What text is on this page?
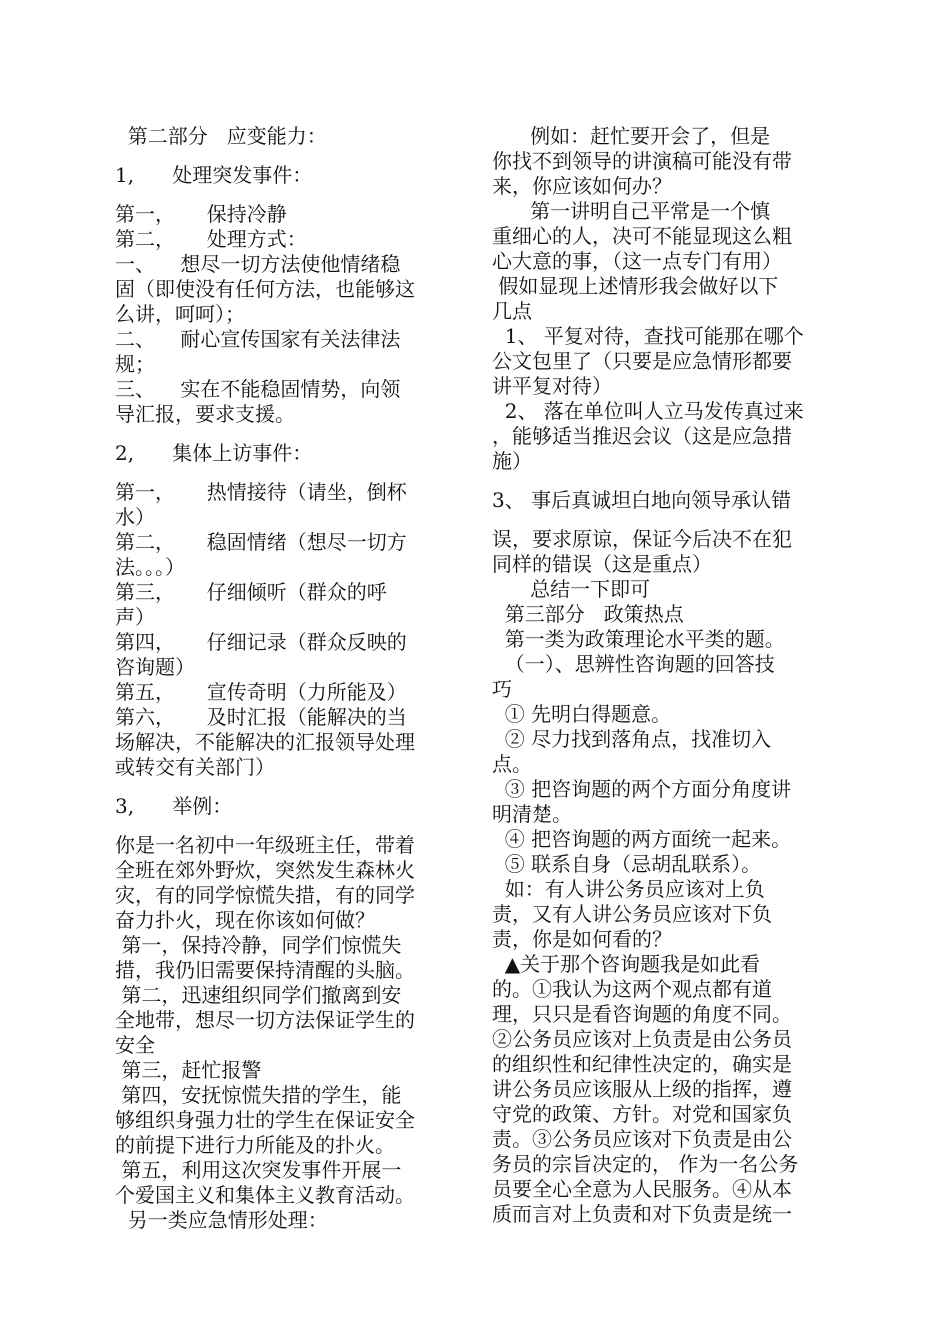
第二部分   应变能力：
1,      处理突发事件：
第一，     保持冷静
第二，     处理方式：
一、    想尽一切方法使他情绪稳
固（即使没有任何方法，也能够这
么讲，呵呵）；
二、    耐心宣传国家有关法律法
规；
三、    实在不能稳固情势，向领
导汇报，要求支援。
2,      集体上访事件：
第一，     热情接待（请坐，倒杯
水）
第二，     稳固情绪（想尽一切方
法。。。）
第三，     仔细倾听（群众的呼
声）
第四，     仔细记录（群众反映的
咨询题）
第五，     宣传奇明（力所能及）
第六，     及时汇报（能解决的当
场解决，不能解决的汇报领导处理
或转交有关部门）
3,      举例：
你是一名初中一年级班主任，带着
全班在郊外野炊，突然发生森林火
灾，有的同学惊慌失措，有的同学
奋力扑火，现在你该如何做？
第一，保持冷静，同学们惊慌失
措，我仍旧需要保持清醒的头脑。
第二，迅速组织同学们撤离到安
全地带，想尽一切方法保证学生的
安全
第三，赶忙报警
第四，安抚惊慌失措的学生，能
够组织身强力壮的学生在保证安全
的前提下进行力所能及的扑火。
第五，利用这次突发事件开展一
个爱国主义和集体主义教育活动。
另一类应急情形处理：
例如：赶忙要开会了，但是
你找不到领导的讲演稿可能没有带
来，你应该如何办？
第一讲明自己平常是一个慎
重细心的人，决可不能显现这么粗
心大意的事，（这一点专门有用）
假如显现上述情形我会做好以下
几点
1、 平复对待，查找可能那在哪个
公文包里了（只要是应急情形都要
讲平复对待）
2、 落在单位叫人立马发传真过来
，能够适当推迟会议（这是应急措
施）
3、 事后真诚坦白地向领导承认错
误，要求原谅，保证今后决不在犯
同样的错误（这是重点）
总结一下即可
第三部分   政策热点
第一类为政策理论水平类的题。
（一）、思辨性咨询题的回答技
巧
① 先明白得题意。
② 尽力找到落角点，找准切入
点。
③ 把咨询题的两个方面分角度讲
明清楚。
④ 把咨询题的两方面统一起来。
⑤ 联系自身（忌胡乱联系）。
如：有人讲公务员应该对上负
责，又有人讲公务员应该对下负
责，你是如何看的？
▲关于那个咨询题我是如此看
的。①我认为这两个观点都有道
理，只只是看咨询题的角度不同。
②公务员应该对上负责是由公务员
的组织性和纪律性决定的，确实是
讲公务员应该服从上级的指挥，遵
守党的政策、方针。对党和国家负
责。③公务员应该对下负责是由公
务员的宗旨决定的， 作为一名公务
员要全心全意为人民服务。④从本
质而言对上负责和对下负责是统一
